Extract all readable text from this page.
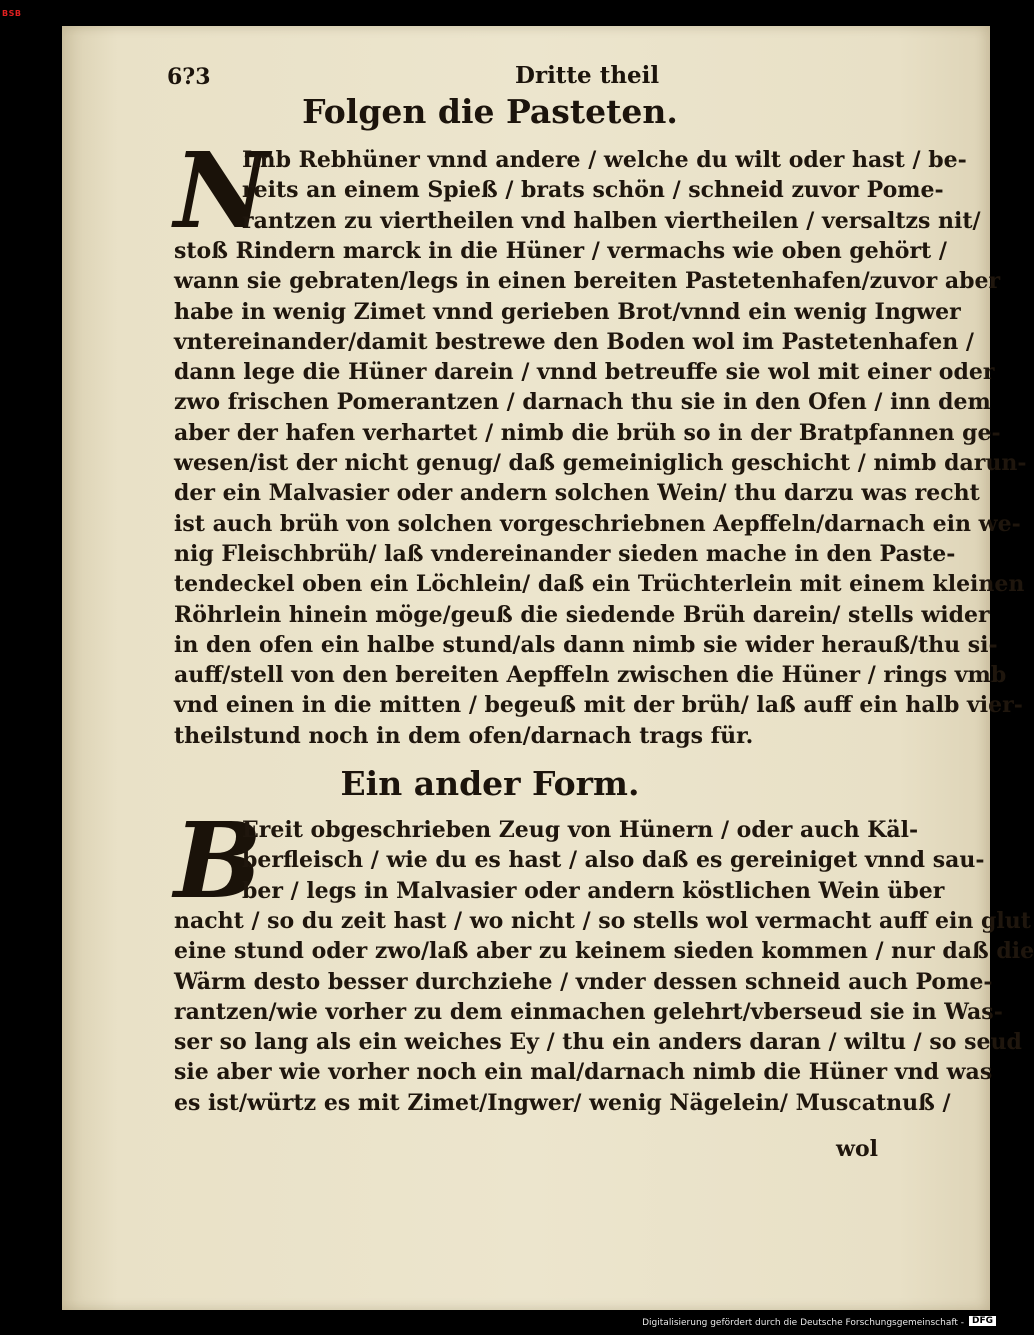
BSB
6?3	Dritte theil
Folgen die Pasteten.
N
Imb Rebhüner vnnd andere / welche du wilt oder hast / be-
reits an einem Spieß / brats schön / schneid zuvor Pome-
rantzen zu viertheilen vnd halben viertheilen / versaltzs nit/
stoß Rindern marck in die Hüner / vermachs wie oben gehört /
wann sie gebraten/legs in einen bereiten Pastetenhafen/zuvor aber
habe in wenig Zimet vnnd gerieben Brot/vnnd ein wenig Ingwer
vntereinander/damit bestrewe den Boden wol im Pastetenhafen /
dann lege die Hüner darein / vnnd betreuffe sie wol mit einer oder
zwo frischen Pomerantzen / darnach thu sie in den Ofen / inn dem
aber der hafen verhartet / nimb die brüh so in der Bratpfannen ge-
wesen/ist der nicht genug/ daß gemeiniglich geschicht / nimb darun-
der ein Malvasier oder andern solchen Wein/ thu darzu was recht
ist auch brüh von solchen vorgeschriebnen Aepffeln/darnach ein we-
nig Fleischbrüh/ laß vndereinander sieden mache in den Paste-
tendeckel oben ein Löchlein/ daß ein Trüchterlein mit einem kleinen
Röhrlein hinein möge/geuß die siedende Brüh darein/ stells wider
in den ofen ein halbe stund/als dann nimb sie wider herauß/thu si-
auff/stell von den bereiten Aepffeln zwischen die Hüner / rings vmb
vnd einen in die mitten / begeuß mit der brüh/ laß auff ein halb vier-
theilstund noch in dem ofen/darnach trags für.
Ein ander Form.
B
Ereit obgeschrieben Zeug von Hünern / oder auch Käl-
berfleisch / wie du es hast / also daß es gereiniget vnnd sau-
ber / legs in Malvasier oder andern köstlichen Wein über
nacht / so du zeit hast / wo nicht / so stells wol vermacht auff ein glut
eine stund oder zwo/laß aber zu keinem sieden kommen / nur daß die
Wärm desto besser durchziehe / vnder dessen schneid auch Pome-
rantzen/wie vorher zu dem einmachen gelehrt/vberseud sie in Was-
ser so lang als ein weiches Ey / thu ein anders daran / wiltu / so seud
sie aber wie vorher noch ein mal/darnach nimb die Hüner vnd was
es ist/würtz es mit Zimet/Ingwer/ wenig Nägelein/ Muscatnuß /
wol
Digitalisierung gefördert durch die Deutsche Forschungsgemeinschaft - DFG
